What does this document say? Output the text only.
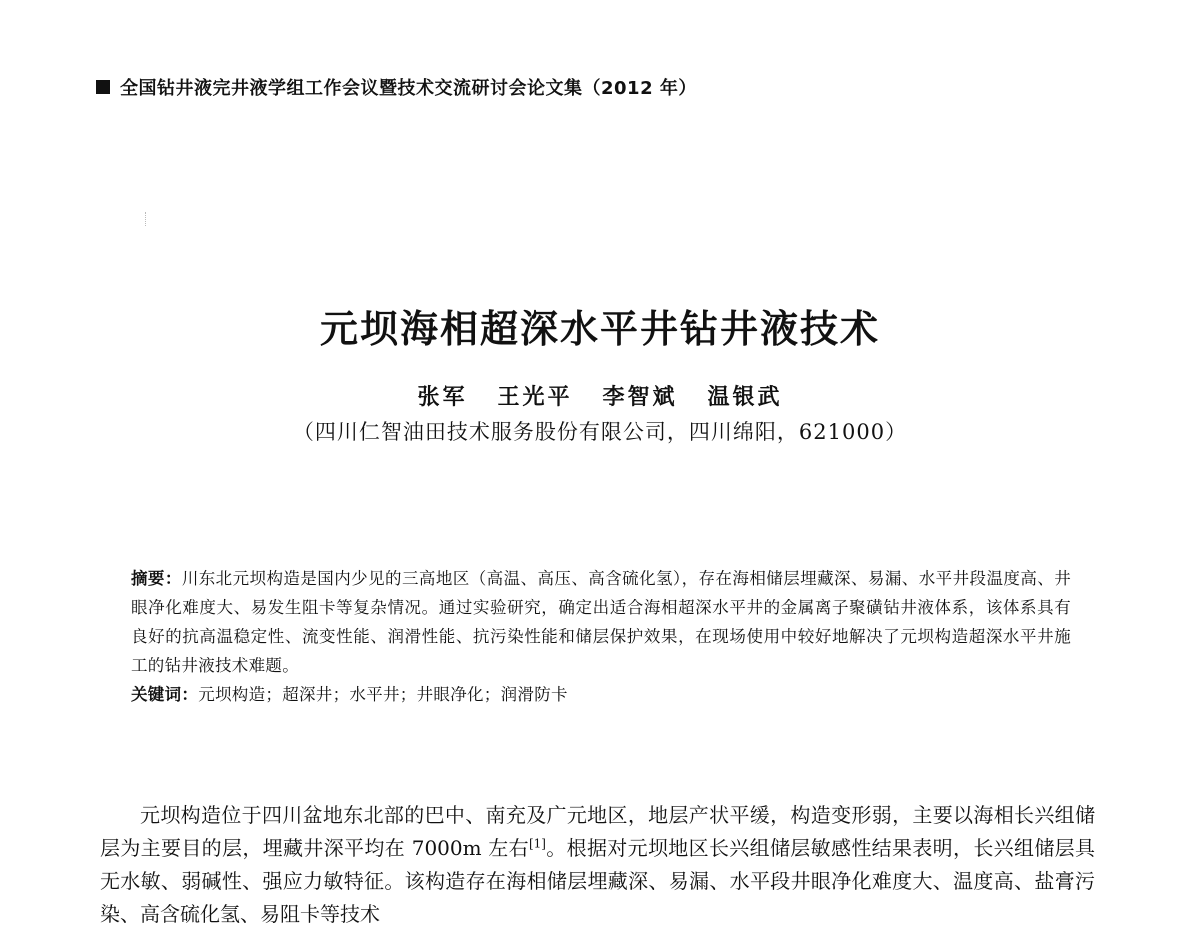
全国钻井液完井液学组工作会议暨技术交流研讨会论文集（2012 年）
元坝海相超深水平井钻井液技术
张军 王光平 李智斌 温银武
（四川仁智油田技术服务股份有限公司，四川绵阳，621000）

摘要：川东北元坝构造是国内少见的三高地区（高温、高压、高含硫化氢），存在海相储层埋藏深、易漏、水平井段温度高、井眼净化难度大、易发生阻卡等复杂情况。通过实验研究，确定出适合海相超深水平井的金属离子聚磺钻井液体系，该体系具有良好的抗高温稳定性、流变性能、润滑性能、抗污染性能和储层保护效果，在现场使用中较好地解决了元坝构造超深水平井施工的钻井液技术难题。

关键词：元坝构造；超深井；水平井；井眼净化；润滑防卡

元坝构造位于四川盆地东北部的巴中、南充及广元地区，地层产状平缓，构造变形弱，主要以海相长兴组储层为主要目的层，埋藏井深平均在 7000m 左右[1]。根据对元坝地区长兴组储层敏感性结果表明，长兴组储层具无水敏、弱碱性、强应力敏特征。该构造存在海相储层埋藏深、易漏、水平段井眼净化难度大、温度高、盐膏污染、高含硫化氢、易阻卡等技术
